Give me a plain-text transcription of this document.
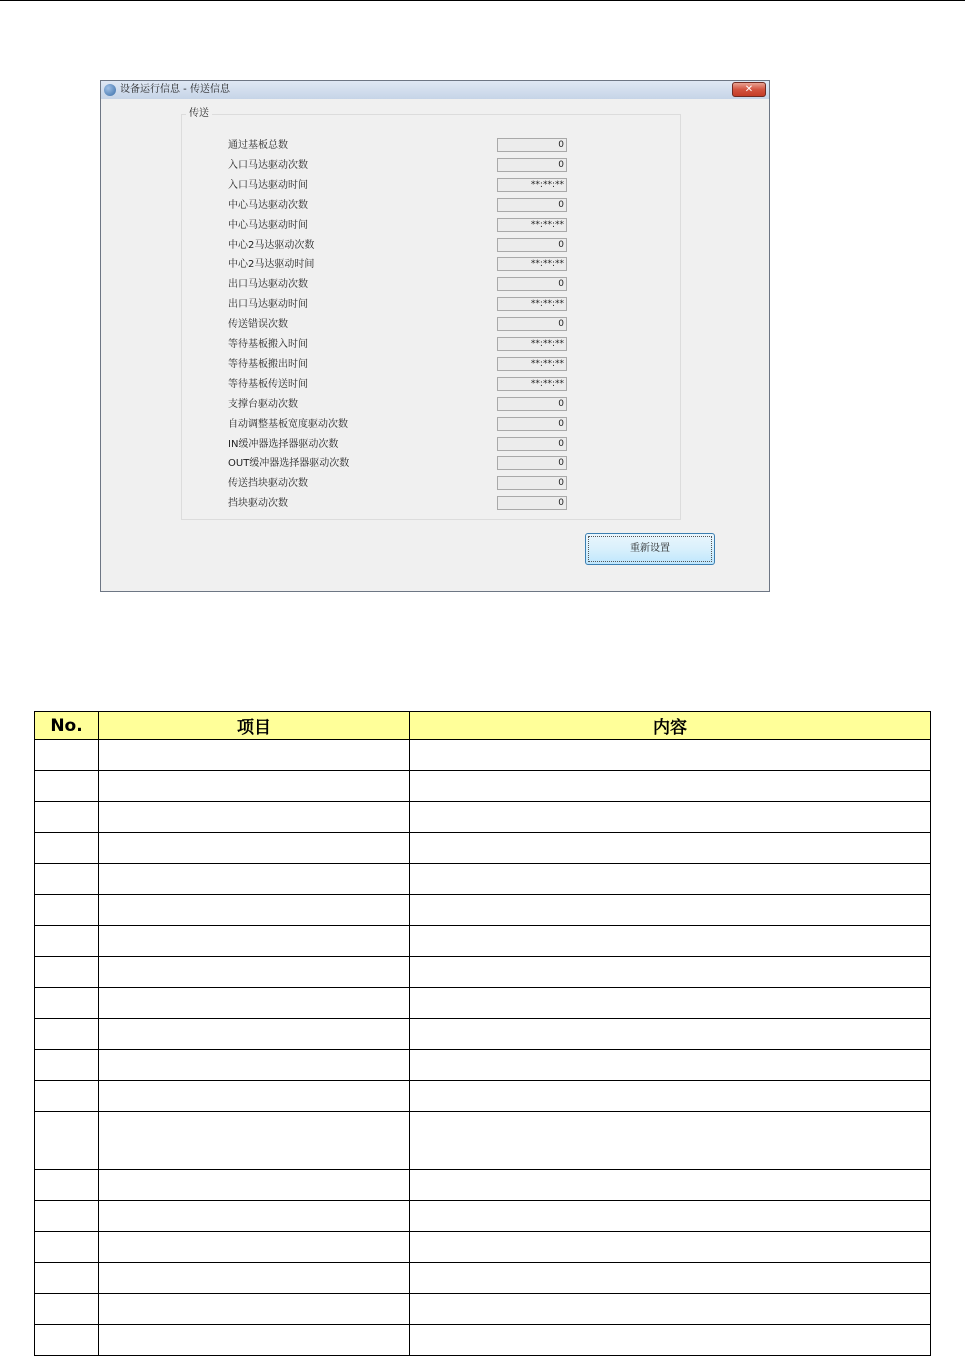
设备运行信息 - 传送信息	✕
传送
通过基板总数	0
入口马达驱动次数	0
入口马达驱动时间	**:**:**
中心马达驱动次数	0
中心马达驱动时间	**:**:**
中心2马达驱动次数	0
中心2马达驱动时间	**:**:**
出口马达驱动次数	0
出口马达驱动时间	**:**:**
传送错误次数	0
等待基板搬入时间	**:**:**
等待基板搬出时间	**:**:**
等待基板传送时间	**:**:**
支撑台驱动次数	0
自动调整基板宽度驱动次数	0
IN缓冲器选择器驱动次数	0
OUT缓冲器选择器驱动次数	0
传送挡块驱动次数	0
挡块驱动次数	0
重新设置
No.	项目	内容
